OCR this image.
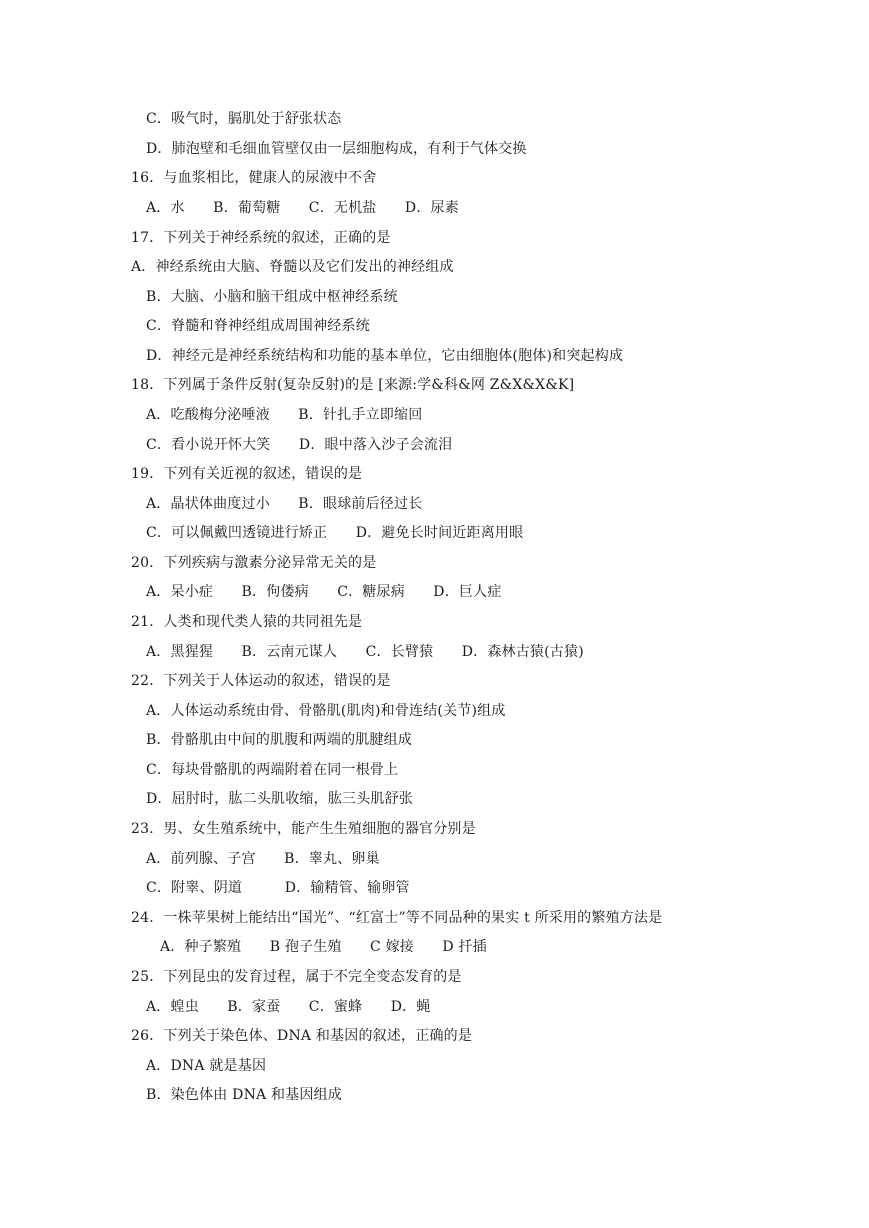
C．吸气时，膈肌处于舒张状态
D．肺泡壁和毛细血管壁仅由一层细胞构成，有利于气体交换
16．与血浆相比，健康人的尿液中不舍
A．水　　B．葡萄糖　　C．无机盐　　D．尿素
17．下列关于神经系统的叙述，正确的是
A．神经系统由大脑、脊髓以及它们发出的神经组成
B．大脑、小脑和脑干组成中枢神经系统
C．脊髓和脊神经组成周围神经系统
D．神经元是神经系统结构和功能的基本单位，它由细胞体(胞体)和突起构成
18．下列属于条件反射(复杂反射)的是 [来源:学&科&网 Z&X&X&K]
A．吃酸梅分泌唾液　　B．针扎手立即缩回
C．看小说开怀大笑　　D．眼中落入沙子会流泪
19．下列有关近视的叙述，错误的是
A．晶状体曲度过小　　B．眼球前后径过长
C．可以佩戴凹透镜进行矫正　　D．避免长时间近距离用眼
20．下列疾病与激素分泌异常无关的是
A．呆小症　　B．佝偻病　　C．糖尿病　　D．巨人症
21．人类和现代类人猿的共同祖先是
A．黑猩猩　　B．云南元谋人　　C．长臂猿　　D．森林古猿(古猿)
22．下列关于人体运动的叙述，错误的是
A．人体运动系统由骨、骨骼肌(肌肉)和骨连结(关节)组成
B．骨骼肌由中间的肌腹和两端的肌腱组成
C．每块骨骼肌的两端附着在同一根骨上
D．屈肘时，肱二头肌收缩，肱三头肌舒张
23．男、女生殖系统中，能产生生殖细胞的器官分别是
A．前列腺、子宫　　B．睾丸、卵巢
C．附睾、阴道　　　D．输精管、输卵管
24．一株苹果树上能结出“国光”、“红富士”等不同品种的果实 t 所采用的繁殖方法是
A．种子繁殖　　B 孢子生殖　　C 嫁接　　D 扦插
25．下列昆虫的发育过程，属于不完全变态发育的是
A．蝗虫　　B．家蚕　　C．蜜蜂　　D．蝇
26．下列关于染色体、DNA 和基因的叙述，正确的是
A．DNA 就是基因
B．染色体由 DNA 和基因组成
